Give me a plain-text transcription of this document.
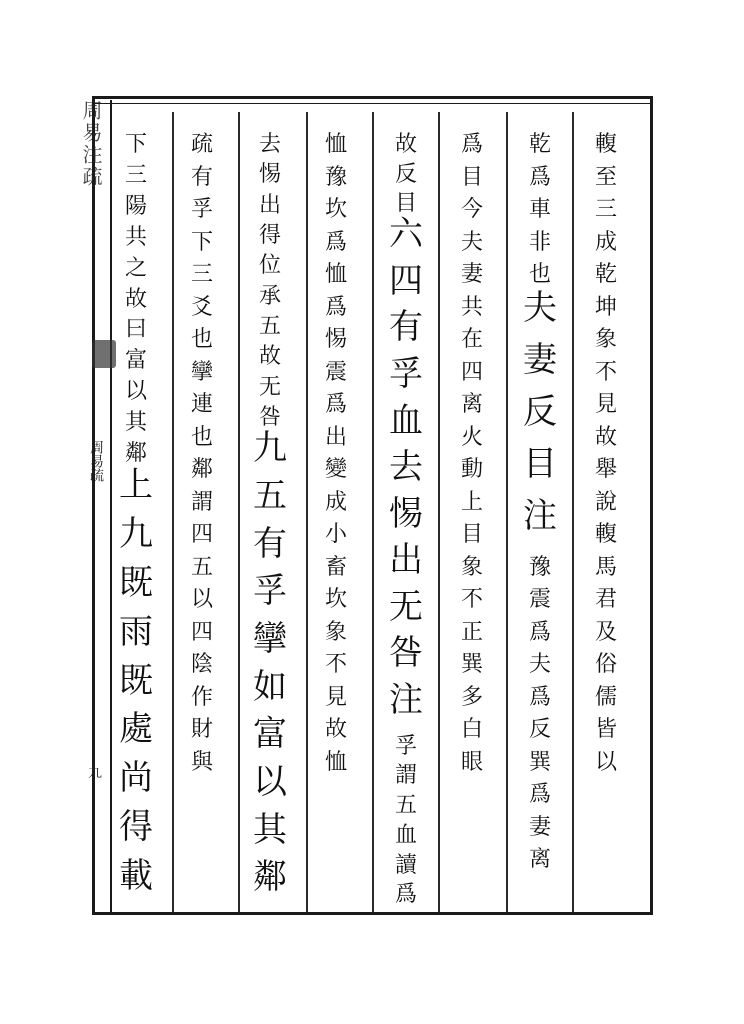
周易注疏
周易疏
九
輹
至
三
成
乾
坤
象
不
見
故
舉
說
輹
馬
君
及
俗
儒
皆
以
乾
爲
車
非
也
夫
妻
反
目
注
豫
震
爲
夫
爲
反
巽
爲
妻
离
爲
目
今
夫
妻
共
在
四
离
火
動
上
目
象
不
正
巽
多
白
眼
故
反
目
六
四
有
孚
血
去
惕
出
无
咎
注
孚
謂
五
血
讀
爲
恤
豫
坎
爲
恤
爲
惕
震
爲
出
變
成
小
畜
坎
象
不
見
故
恤
去
惕
出
得
位
承
五
故
无
咎
九
五
有
孚
攣
如
富
以
其
鄰
疏
有
孚
下
三
爻
也
攣
連
也
鄰
謂
四
五
以
四
陰
作
財
與
下
三
陽
共
之
故
曰
富
以
其
鄰
上
九
既
雨
既
處
尚
得
載
